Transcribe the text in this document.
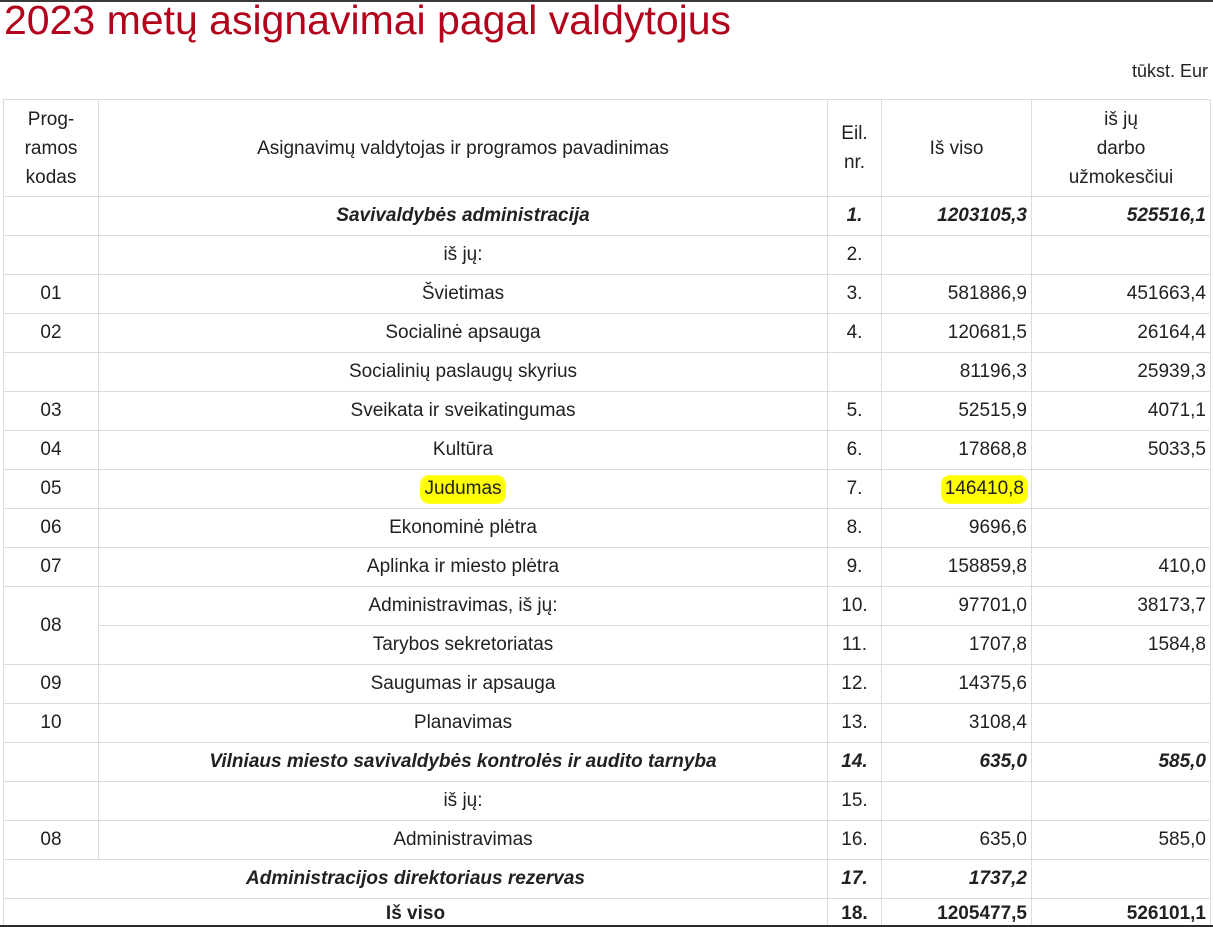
2023 metų asignavimai pagal valdytojus
tūkst. Eur
Prog-
ramos
kodas	Asignavimų valdytojas ir programos pavadinimas	Eil.
nr.	Iš viso	iš jų
darbo
užmokesčiui
	Savivaldybės administracija	1.	1203105,3	525516,1
	iš jų:	2.		
01	Švietimas	3.	581886,9	451663,4
02	Socialinė apsauga	4.	120681,5	26164,4
	Socialinių paslaugų skyrius		81196,3	25939,3
03	Sveikata ir sveikatingumas	5.	52515,9	4071,1
04	Kultūra	6.	17868,8	5033,5
05	Judumas	7.	146410,8	
06	Ekonominė plėtra	8.	9696,6	
07	Aplinka ir miesto plėtra	9.	158859,8	410,0
08	Administravimas, iš jų:	10.	97701,0	38173,7
	Tarybos sekretoriatas	11.	1707,8	1584,8
09	Saugumas ir apsauga	12.	14375,6	
10	Planavimas	13.	3108,4	
	Vilniaus miesto savivaldybės kontrolės ir audito tarnyba	14.	635,0	585,0
	iš jų:	15.		
08	Administravimas	16.	635,0	585,0
Administracijos direktoriaus rezervas		17.	1737,2	
Iš viso		18.	1205477,5	526101,1
